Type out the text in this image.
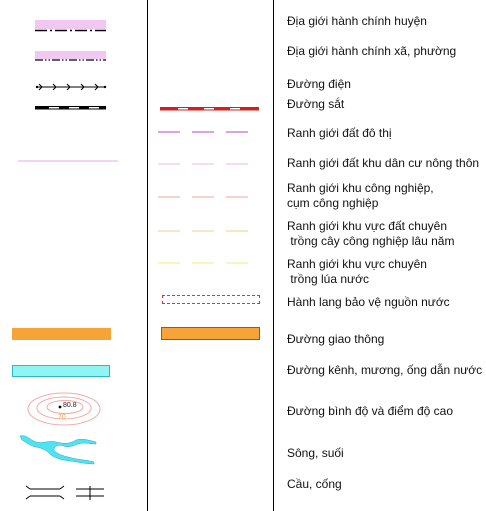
Địa giới hành chính huyện
Địa giới hành chính xã, phường
Đường điện
Đường sắt
Ranh giới đất đô thị
Ranh giới đất khu dân cư nông thôn
Ranh giới khu công nghiệp,
cụm công nghiệp
Ranh giới khu vực đất chuyên
trồng cây công nghiệp lâu năm
Ranh giới khu vực chuyên
trồng lúa nước
Hành lang bảo vệ nguồn nước
Đường giao thông
Đường kênh, mương, ống dẫn nước
Đường bình độ và điểm độ cao
Sông, suối
Cầu, cống
80.8
70
